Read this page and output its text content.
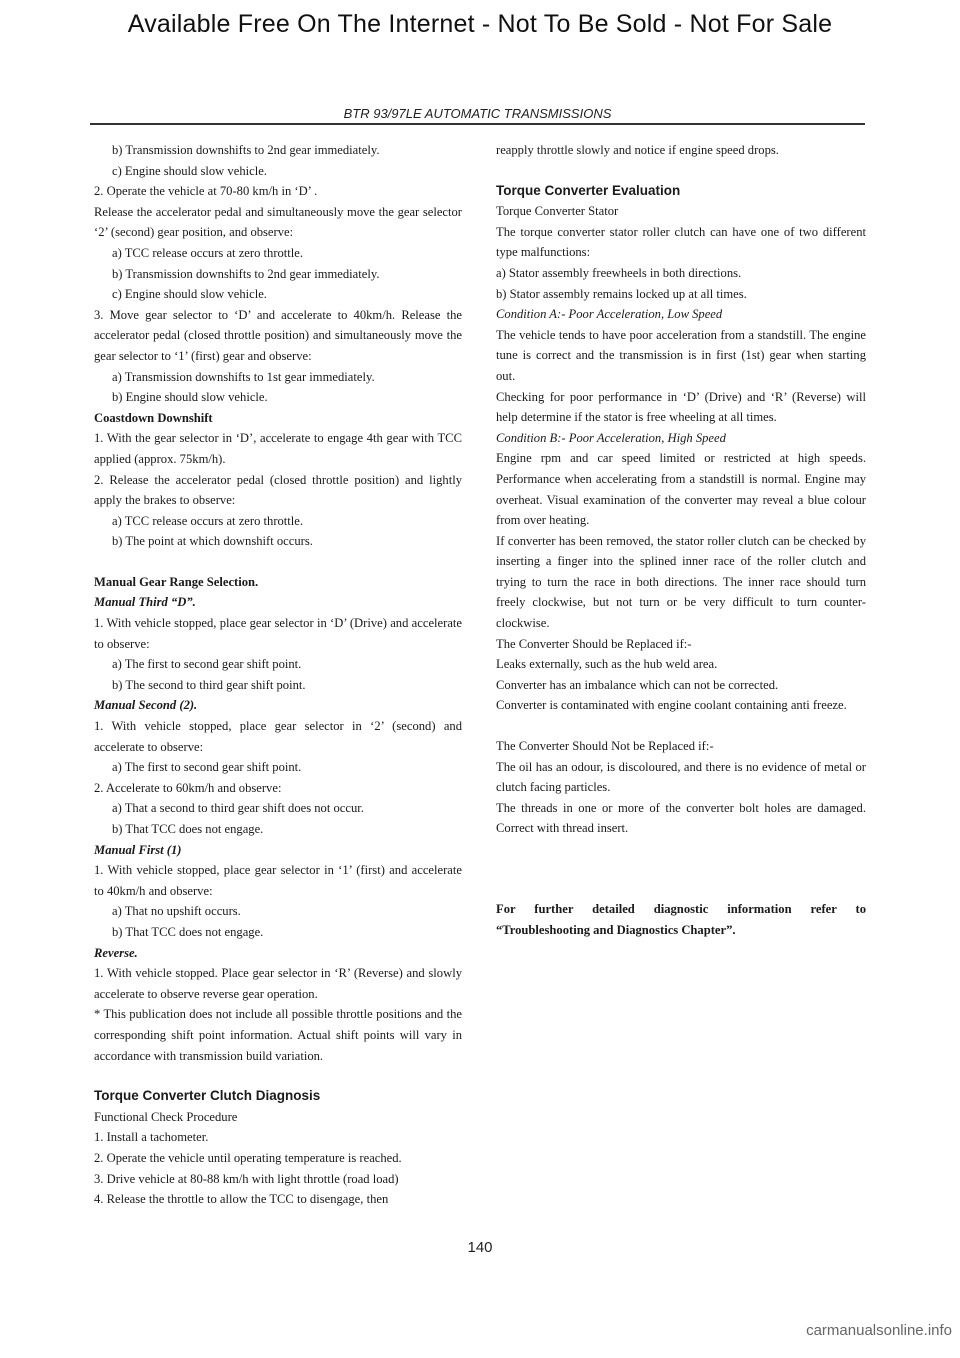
Available Free On The Internet - Not To Be Sold - Not For Sale
BTR 93/97LE AUTOMATIC TRANSMISSIONS

b) Transmission downshifts to 2nd gear immediately.

c) Engine should slow vehicle.

2. Operate the vehicle at 70-80 km/h in ‘D’ .

Release the accelerator pedal and simultaneously move the gear selector ‘2’ (second) gear position, and observe:

a) TCC release occurs at zero throttle.

b) Transmission downshifts to 2nd gear immediately.

c) Engine should slow vehicle.

3. Move gear selector to ‘D’ and accelerate to 40km/h. Release the accelerator pedal (closed throttle position) and simultaneously move the gear selector to ‘1’ (first) gear and observe:

a) Transmission downshifts to 1st gear immediately.

b) Engine should slow vehicle.

Coastdown Downshift

1. With the gear selector in ‘D’, accelerate to engage 4th gear with TCC applied (approx. 75km/h).

2. Release the accelerator pedal (closed throttle position) and lightly apply the brakes to observe:

a) TCC release occurs at zero throttle.

b) The point at which downshift occurs.

Manual Gear Range Selection.

Manual Third “D”.

1. With vehicle stopped, place gear selector in ‘D’ (Drive) and accelerate to observe:

a) The first to second gear shift point.

b) The second to third gear shift point.

Manual Second (2).

1. With vehicle stopped, place gear selector in ‘2’ (second) and accelerate to observe:

a) The first to second gear shift point.

2. Accelerate to 60km/h and observe:

a) That a second to third gear shift does not occur.

b) That TCC does not engage.

Manual First (1)

1. With vehicle stopped, place gear selector in ‘1’ (first) and accelerate to 40km/h and observe:

a) That no upshift occurs.

b) That TCC does not engage.

Reverse.

1. With vehicle stopped. Place gear selector in ‘R’ (Reverse) and slowly accelerate to observe reverse gear operation.

* This publication does not include all possible throttle positions and the corresponding shift point information. Actual shift points will vary in accordance with transmission build variation.

Torque Converter Clutch Diagnosis

Functional Check Procedure

1. Install a tachometer.

2. Operate the vehicle until operating temperature is reached.

3. Drive vehicle at 80-88 km/h with light throttle (road load)

4. Release the throttle to allow the TCC to disengage, then

reapply throttle slowly and notice if engine speed drops.

Torque Converter Evaluation

Torque Converter Stator

The torque converter stator roller clutch can have one of two different type malfunctions:

a) Stator assembly freewheels in both directions.

b) Stator assembly remains locked up at all times.

Condition A:- Poor Acceleration, Low Speed

The vehicle tends to have poor acceleration from a standstill. The engine tune is correct and the transmission is in first (1st) gear when starting out.

Checking for poor performance in ‘D’ (Drive) and ‘R’ (Reverse) will help determine if the stator is free wheeling at all times.

Condition B:- Poor Acceleration, High Speed

Engine rpm and car speed limited or restricted at high speeds. Performance when accelerating from a standstill is normal. Engine may overheat. Visual examination of the converter may reveal a blue colour from over heating.

If converter has been removed, the stator roller clutch can be checked by inserting a finger into the splined inner race of the roller clutch and trying to turn the race in both directions. The inner race should turn freely clockwise, but not turn or be very difficult to turn counter-clockwise.

The Converter Should be Replaced if:-

Leaks externally, such as the hub weld area.

Converter has an imbalance which can not be corrected.

Converter is contaminated with engine coolant containing anti freeze.

The Converter Should Not be Replaced if:-

The oil has an odour, is discoloured, and there is no evidence of metal or clutch facing particles.

The threads in one or more of the converter bolt holes are damaged. Correct with thread insert.

For further detailed diagnostic information refer to “Troubleshooting and Diagnostics Chapter”.

140
carmanualsonline.info
